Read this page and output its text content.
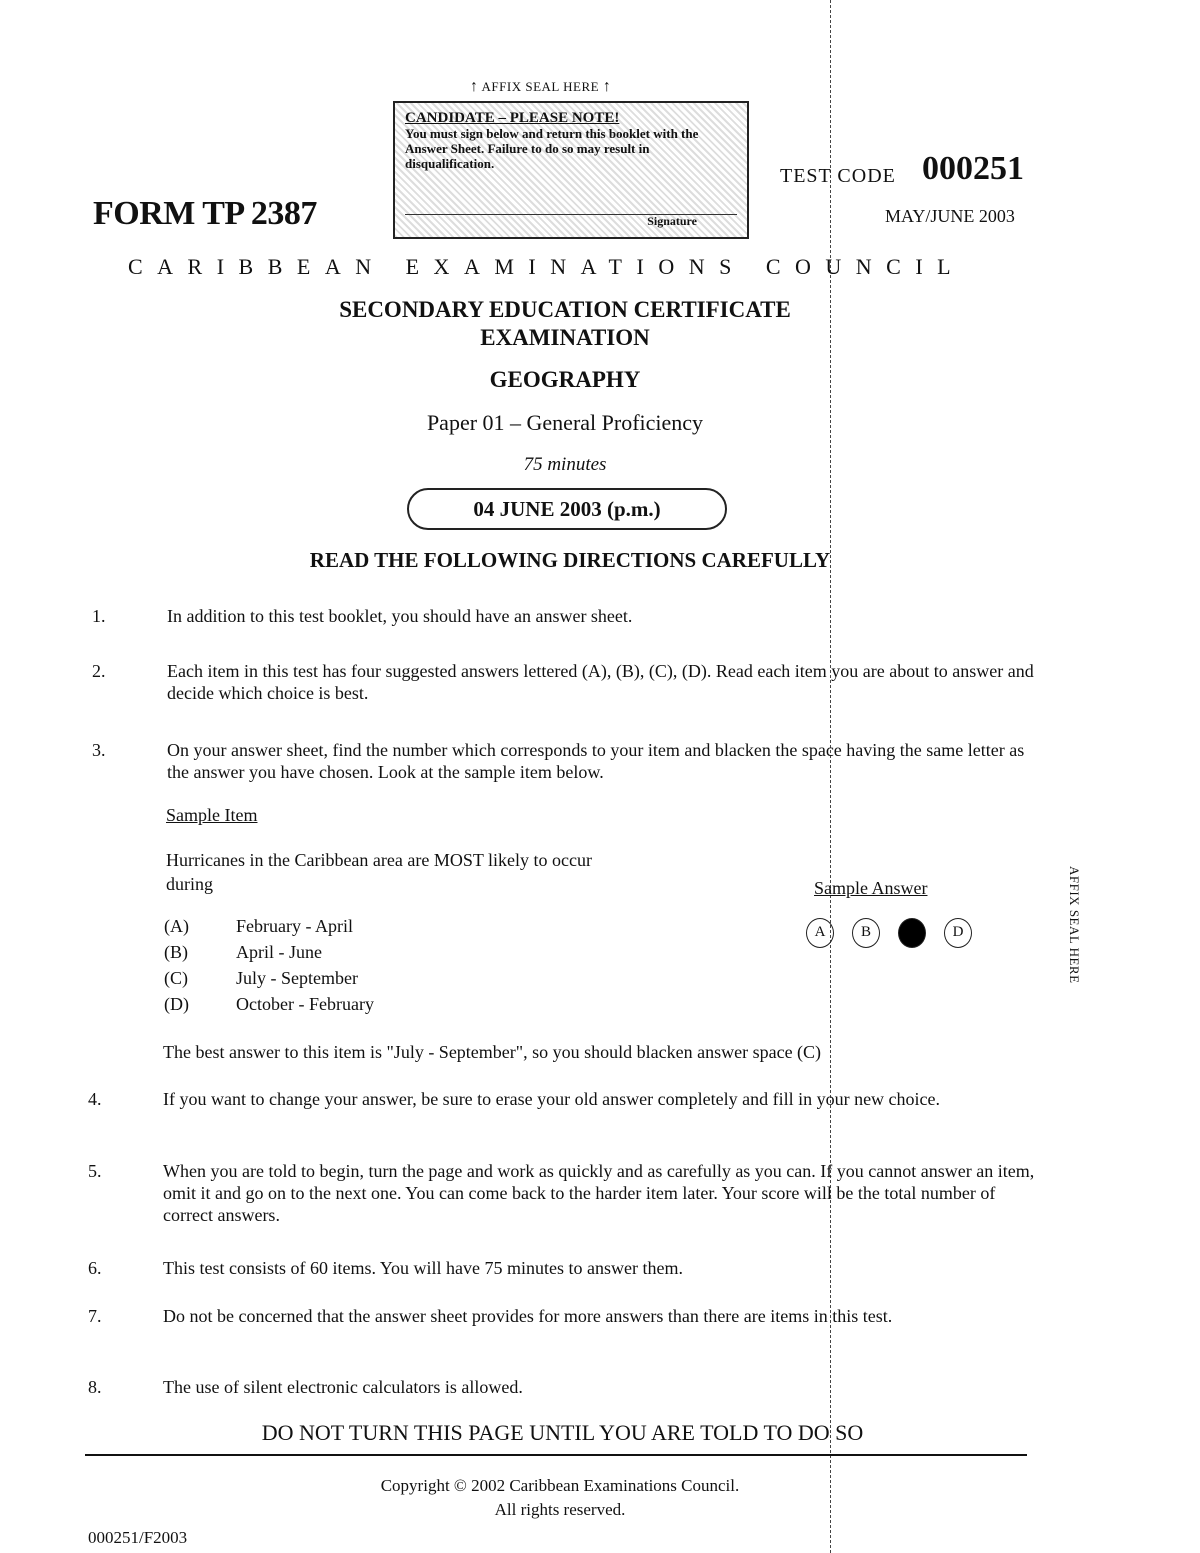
↑ AFFIX SEAL HERE ↑
CANDIDATE – PLEASE NOTE!
You must sign below and return this booklet with the Answer Sheet. Failure to do so may result in disqualification.
Signature
FORM TP 2387
TEST CODE 000251
MAY/JUNE 2003
CARIBBEAN EXAMINATIONS COUNCIL
SECONDARY EDUCATION CERTIFICATE
EXAMINATION
GEOGRAPHY
Paper 01 – General Proficiency
75 minutes
04 JUNE 2003 (p.m.)
READ THE FOLLOWING DIRECTIONS CAREFULLY
1.	In addition to this test booklet, you should have an answer sheet.
2.	Each item in this test has four suggested answers lettered (A), (B), (C), (D). Read each item you are about to answer and decide which choice is best.
3.	On your answer sheet, find the number which corresponds to your item and blacken the space having the same letter as the answer you have chosen. Look at the sample item below.
Sample Item
Hurricanes in the Caribbean area are MOST likely to occur during
(A)	February - April
(B)	April - June
(C)	July - September
(D)	October - February
Sample Answer
A	B	D
The best answer to this item is "July - September", so you should blacken answer space (C)
4.	If you want to change your answer, be sure to erase your old answer completely and fill in your new choice.
5.	When you are told to begin, turn the page and work as quickly and as carefully as you can. If you cannot answer an item, omit it and go on to the next one. You can come back to the harder item later. Your score will be the total number of correct answers.
6.	This test consists of 60 items. You will have 75 minutes to answer them.
7.	Do not be concerned that the answer sheet provides for more answers than there are items in this test.
8.	The use of silent electronic calculators is allowed.
AFFIX SEAL HERE
DO NOT TURN THIS PAGE UNTIL YOU ARE TOLD TO DO SO
Copyright © 2002 Caribbean Examinations Council.
All rights reserved.
000251/F2003
